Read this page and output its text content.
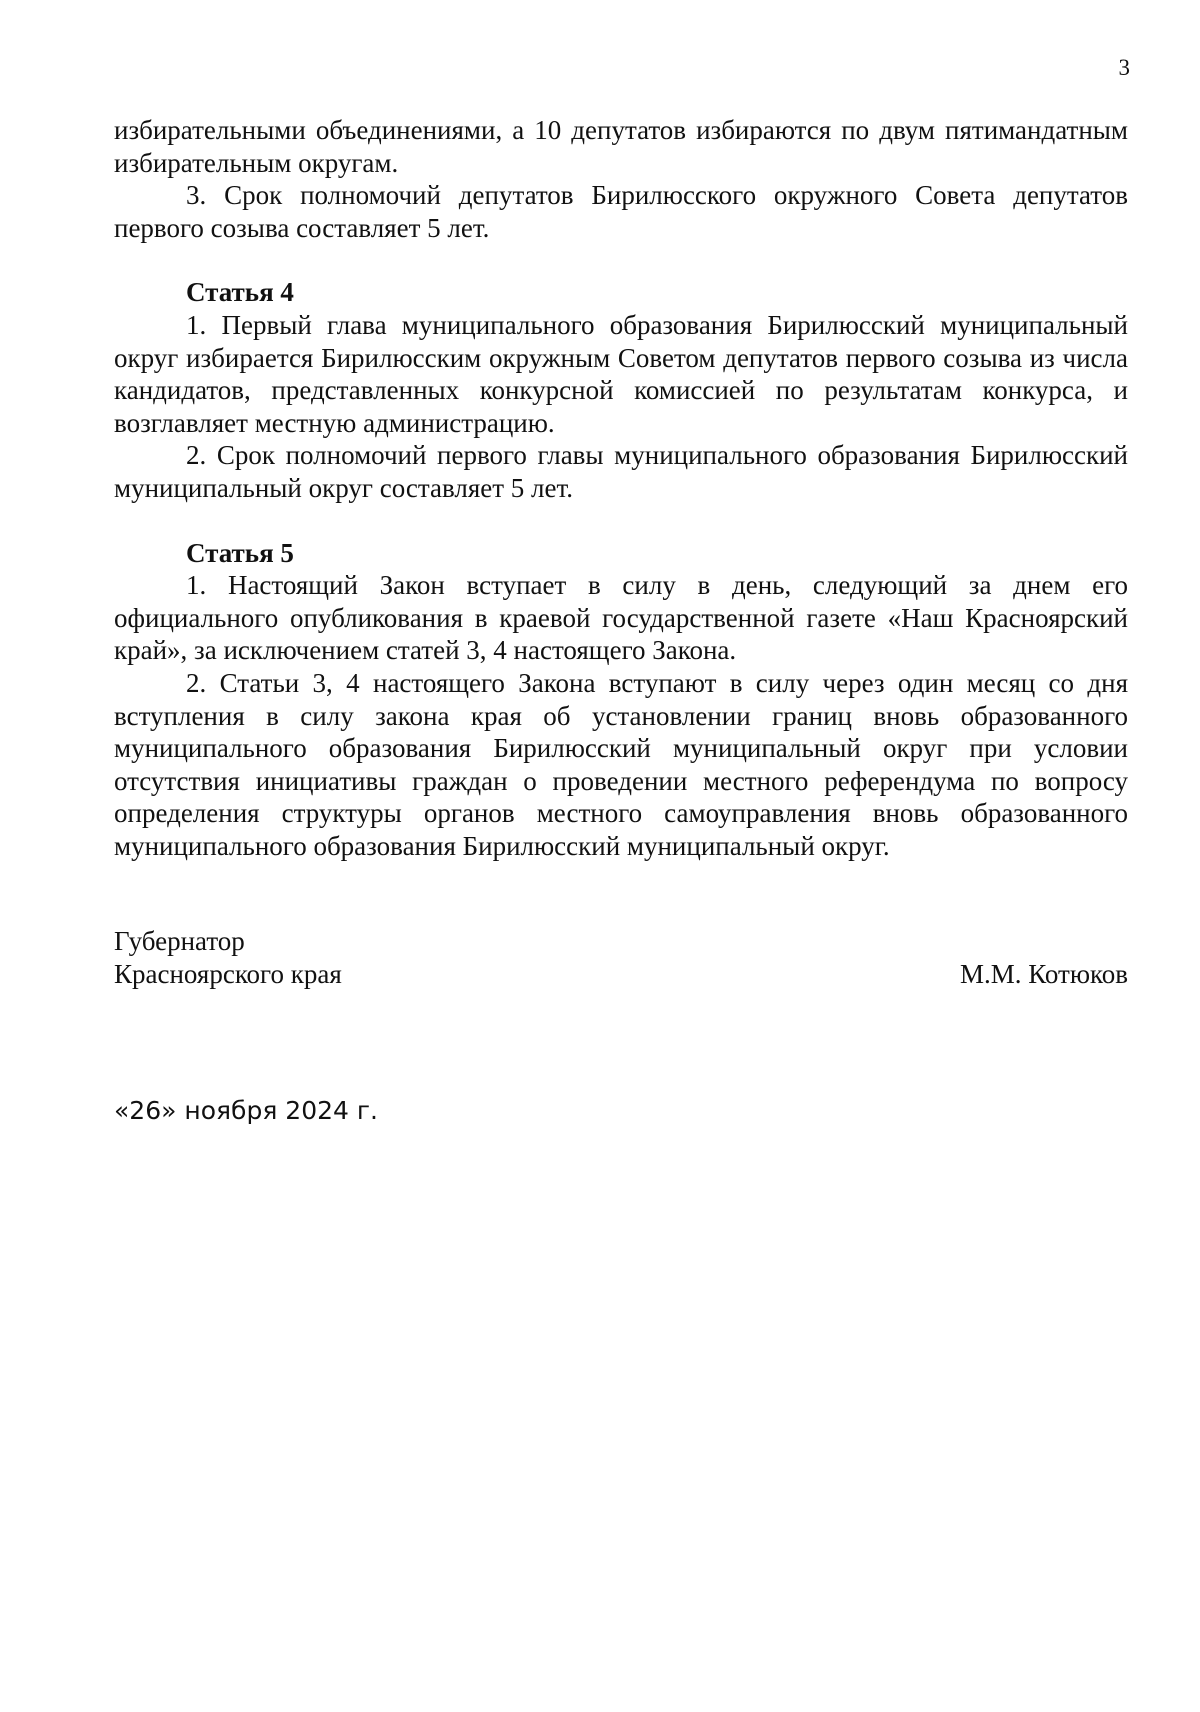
3

избирательными объединениями, а 10 депутатов избираются по двум пятимандатным избирательным округам.

3. Срок полномочий депутатов Бирилюсского окружного Совета депутатов первого созыва составляет 5 лет.

Статья 4

1. Первый глава муниципального образования Бирилюсский муниципальный округ избирается Бирилюсским окружным Советом депутатов первого созыва из числа кандидатов, представленных конкурсной комиссией по результатам конкурса, и возглавляет местную администрацию.

2. Срок полномочий первого главы муниципального образования Бирилюсский муниципальный округ составляет 5 лет.

Статья 5

1. Настоящий Закон вступает в силу в день, следующий за днем его официального опубликования в краевой государственной газете «Наш Красноярский край», за исключением статей 3, 4 настоящего Закона.

2. Статьи 3, 4 настоящего Закона вступают в силу через один месяц со дня вступления в силу закона края об установлении границ вновь образованного муниципального образования Бирилюсский муниципальный округ при условии отсутствия инициативы граждан о проведении местного референдума по вопросу определения структуры органов местного самоуправления вновь образованного муниципального образования Бирилюсский муниципальный округ.

Губернатор
Красноярского края	М.М. Котюков
«26» ноября 2024 г.
